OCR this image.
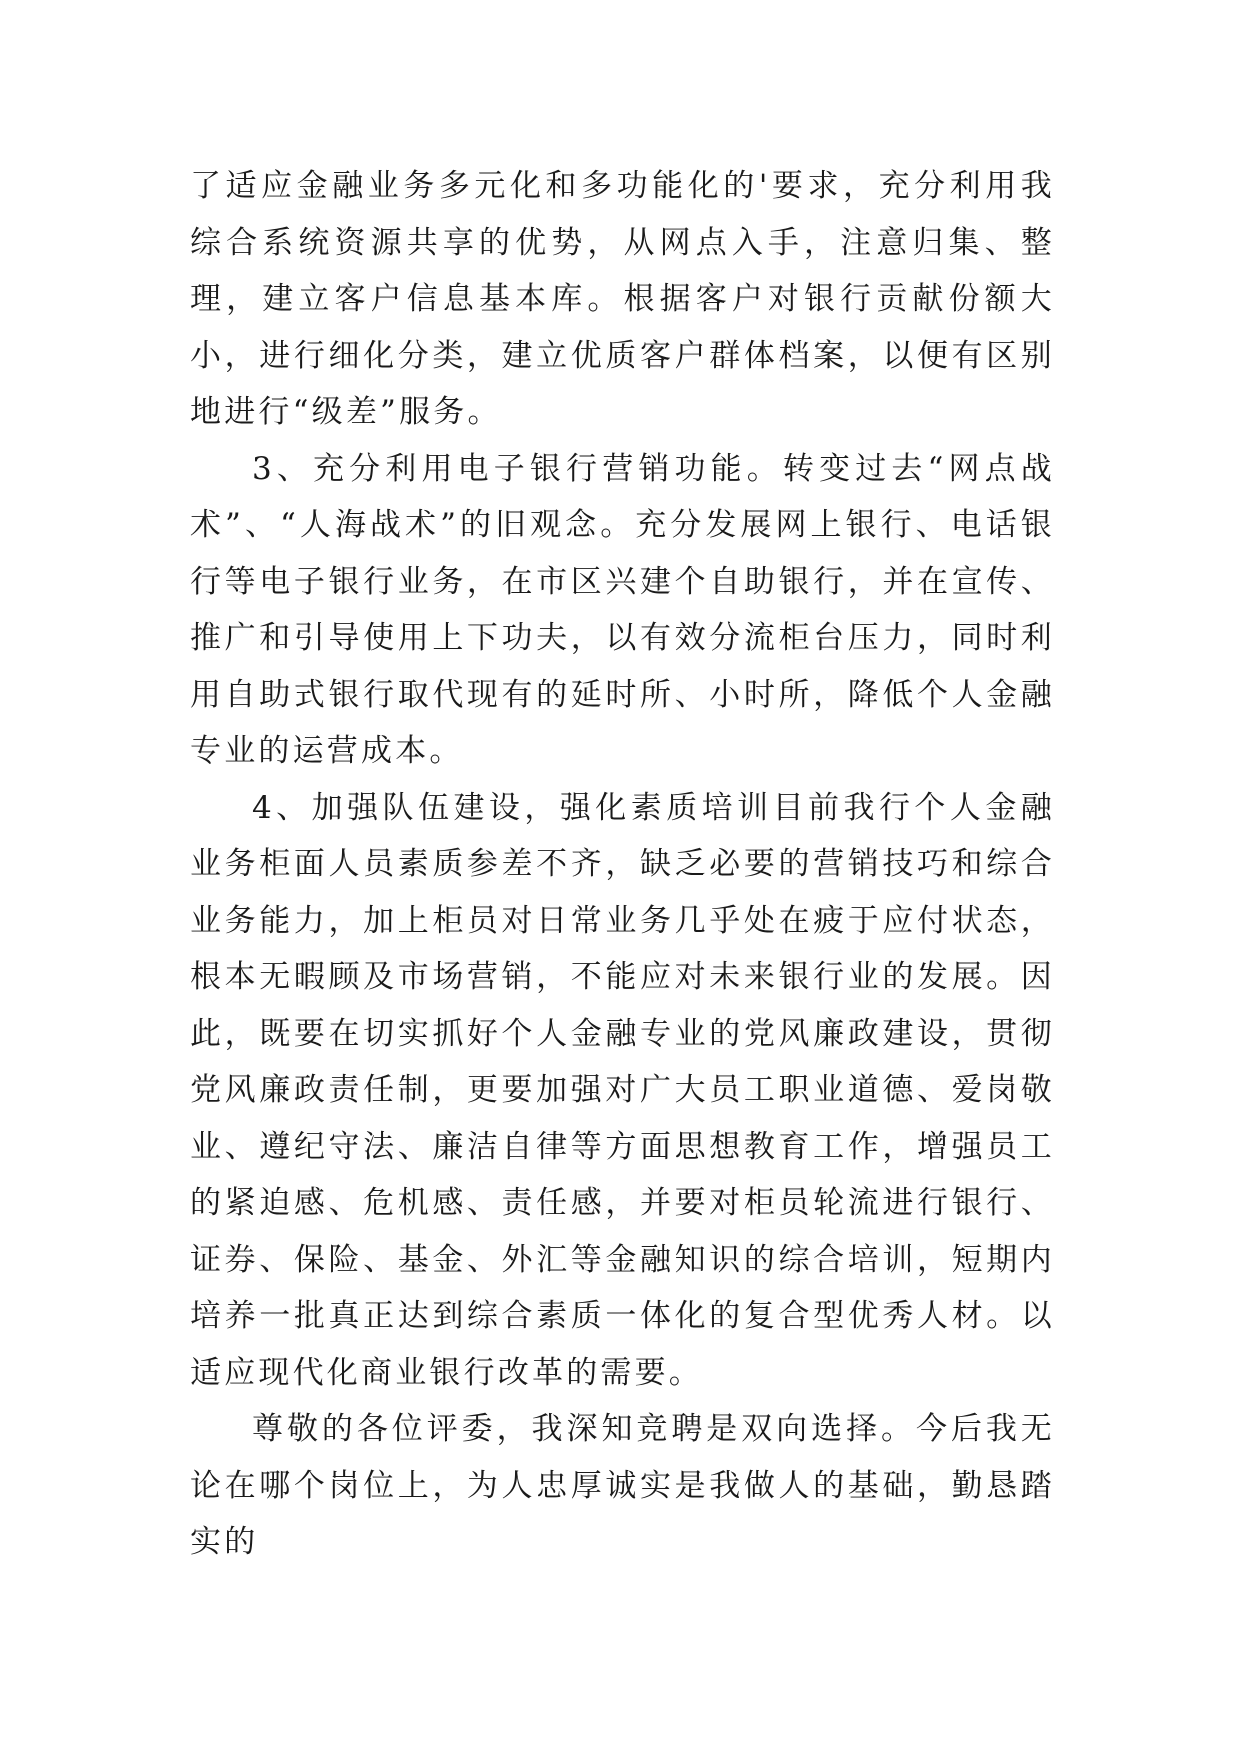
了适应金融业务多元化和多功能化的'要求，充分利用我综合系统资源共享的优势，从网点入手，注意归集、整理，建立客户信息基本库。根据客户对银行贡献份额大小，进行细化分类，建立优质客户群体档案，以便有区别地进行“级差”服务。

3、充分利用电子银行营销功能。转变过去“网点战术”、“人海战术”的旧观念。充分发展网上银行、电话银行等电子银行业务，在市区兴建个自助银行，并在宣传、推广和引导使用上下功夫，以有效分流柜台压力，同时利用自助式银行取代现有的延时所、小时所，降低个人金融专业的运营成本。

4、加强队伍建设，强化素质培训目前我行个人金融业务柜面人员素质参差不齐，缺乏必要的营销技巧和综合业务能力，加上柜员对日常业务几乎处在疲于应付状态，根本无暇顾及市场营销，不能应对未来银行业的发展。因此，既要在切实抓好个人金融专业的党风廉政建设，贯彻党风廉政责任制，更要加强对广大员工职业道德、爱岗敬业、遵纪守法、廉洁自律等方面思想教育工作，增强员工的紧迫感、危机感、责任感，并要对柜员轮流进行银行、证券、保险、基金、外汇等金融知识的综合培训，短期内培养一批真正达到综合素质一体化的复合型优秀人材。以适应现代化商业银行改革的需要。

尊敬的各位评委，我深知竞聘是双向选择。今后我无论在哪个岗位上，为人忠厚诚实是我做人的基础，勤恳踏实的
